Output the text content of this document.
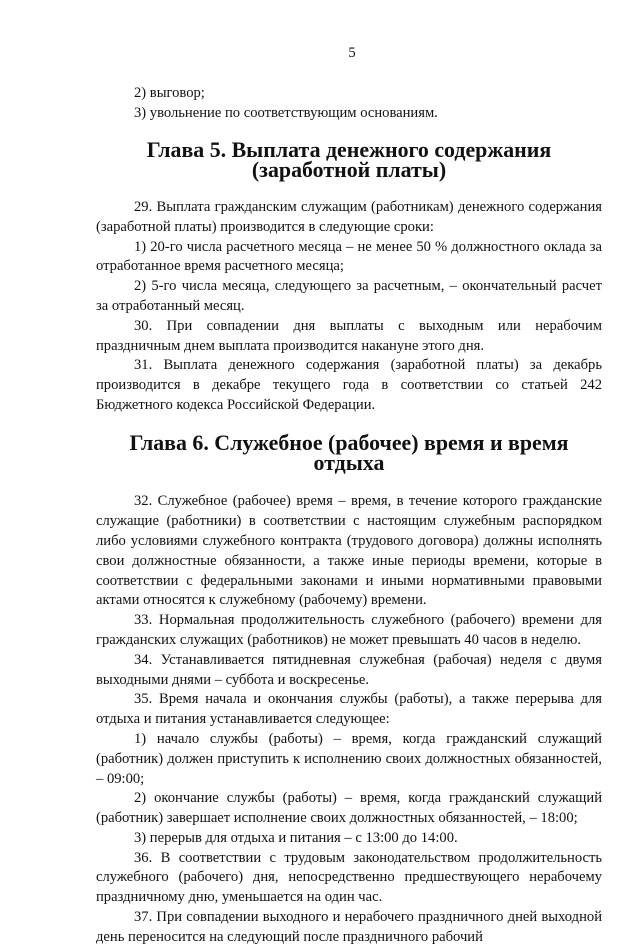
5

2) выговор;

3) увольнение по соответствующим основаниям.

Глава 5. Выплата денежного содержания (заработной платы)

29. Выплата гражданским служащим (работникам) денежного содержания (заработной платы) производится в следующие сроки:

1) 20-го числа расчетного месяца – не менее 50 % должностного оклада за отработанное время расчетного месяца;

2) 5-го числа месяца, следующего за расчетным, – окончательный расчет за отработанный месяц.

30. При совпадении дня выплаты с выходным или нерабочим праздничным днем выплата производится накануне этого дня.

31. Выплата денежного содержания (заработной платы) за декабрь производится в декабре текущего года в соответствии со статьей 242 Бюджетного кодекса Российской Федерации.

Глава 6. Служебное (рабочее) время и время отдыха

32. Служебное (рабочее) время – время, в течение которого гражданские служащие (работники) в соответствии с настоящим служебным распорядком либо условиями служебного контракта (трудового договора) должны исполнять свои должностные обязанности, а также иные периоды времени, которые в соответствии с федеральными законами и иными нормативными правовыми актами относятся к служебному (рабочему) времени.

33. Нормальная продолжительность служебного (рабочего) времени для гражданских служащих (работников) не может превышать 40 часов в неделю.

34. Устанавливается пятидневная служебная (рабочая) неделя с двумя выходными днями – суббота и воскресенье.

35. Время начала и окончания службы (работы), а также перерыва для отдыха и питания устанавливается следующее:

1) начало службы (работы) – время, когда гражданский служащий (работник) должен приступить к исполнению своих должностных обязанностей, – 09:00;

2) окончание службы (работы) – время, когда гражданский служащий (работник) завершает исполнение своих должностных обязанностей, – 18:00;

3) перерыв для отдыха и питания – с 13:00 до 14:00.

36. В соответствии с трудовым законодательством продолжительность служебного (рабочего) дня, непосредственно предшествующего нерабочему праздничному дню, уменьшается на один час.

37. При совпадении выходного и нерабочего праздничного дней выходной день переносится на следующий после праздничного рабочий
